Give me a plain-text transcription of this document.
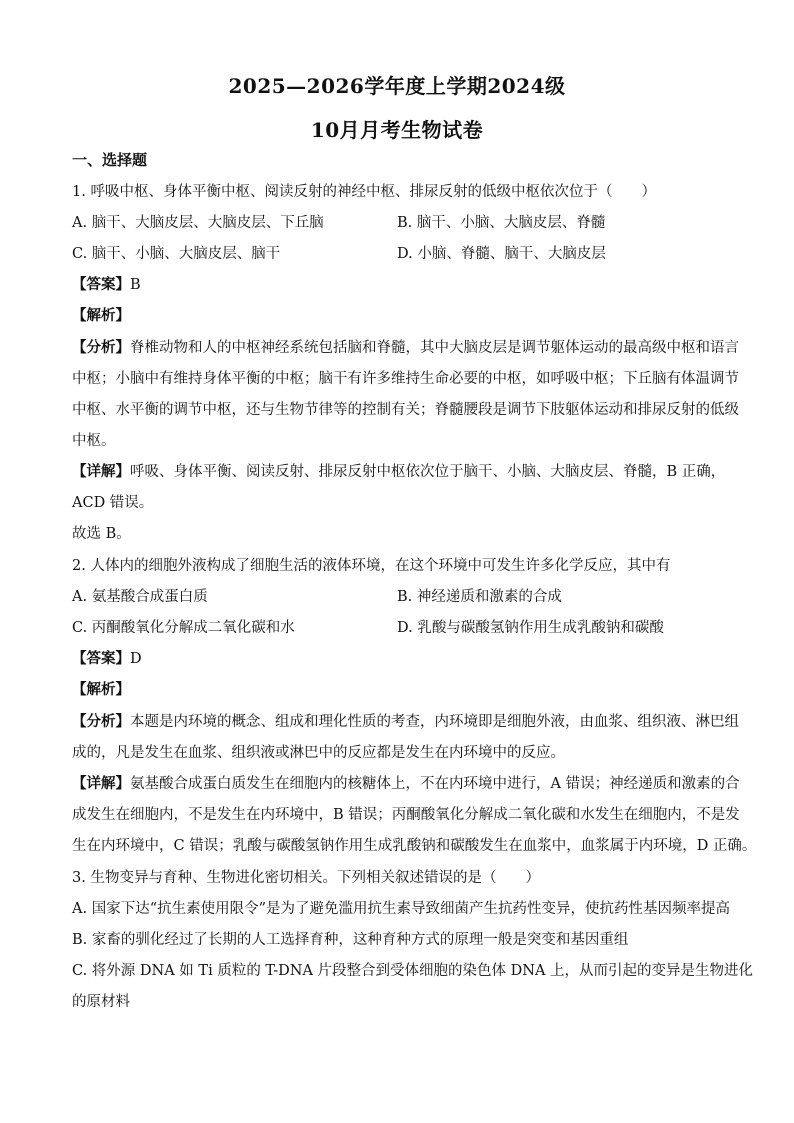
2025—2026学年度上学期2024级
10月月考生物试卷
一、选择题
1. 呼吸中枢、身体平衡中枢、阅读反射的神经中枢、排尿反射的低级中枢依次位于（　　）
A. 脑干、大脑皮层、大脑皮层、下丘脑	B. 脑干、小脑、大脑皮层、脊髓
C. 脑干、小脑、大脑皮层、脑干	D. 小脑、脊髓、脑干、大脑皮层
【答案】B
【解析】
【分析】脊椎动物和人的中枢神经系统包括脑和脊髓，其中大脑皮层是调节躯体运动的最高级中枢和语言
中枢；小脑中有维持身体平衡的中枢；脑干有许多维持生命必要的中枢，如呼吸中枢；下丘脑有体温调节
中枢、水平衡的调节中枢，还与生物节律等的控制有关；脊髓腰段是调节下肢躯体运动和排尿反射的低级
中枢。
【详解】呼吸、身体平衡、阅读反射、排尿反射中枢依次位于脑干、小脑、大脑皮层、脊髓，B 正确，
ACD 错误。
故选 B。
2. 人体内的细胞外液构成了细胞生活的液体环境，在这个环境中可发生许多化学反应，其中有
A. 氨基酸合成蛋白质	B. 神经递质和激素的合成
C. 丙酮酸氧化分解成二氧化碳和水	D. 乳酸与碳酸氢钠作用生成乳酸钠和碳酸
【答案】D
【解析】
【分析】本题是内环境的概念、组成和理化性质的考查，内环境即是细胞外液，由血浆、组织液、淋巴组
成的，凡是发生在血浆、组织液或淋巴中的反应都是发生在内环境中的反应。
【详解】氨基酸合成蛋白质发生在细胞内的核糖体上，不在内环境中进行，A 错误；神经递质和激素的合
成发生在细胞内，不是发生在内环境中，B 错误；丙酮酸氧化分解成二氧化碳和水发生在细胞内，不是发
生在内环境中，C 错误；乳酸与碳酸氢钠作用生成乳酸钠和碳酸发生在血浆中，血浆属于内环境，D 正确。
3. 生物变异与育种、生物进化密切相关。下列相关叙述错误的是（　　）
A. 国家下达“抗生素使用限令”是为了避免滥用抗生素导致细菌产生抗药性变异，使抗药性基因频率提高
B. 家畜的驯化经过了长期的人工选择育种，这种育种方式的原理一般是突变和基因重组
C. 将外源 DNA 如 Ti 质粒的 T-DNA 片段整合到受体细胞的染色体 DNA 上，从而引起的变异是生物进化
的原材料
